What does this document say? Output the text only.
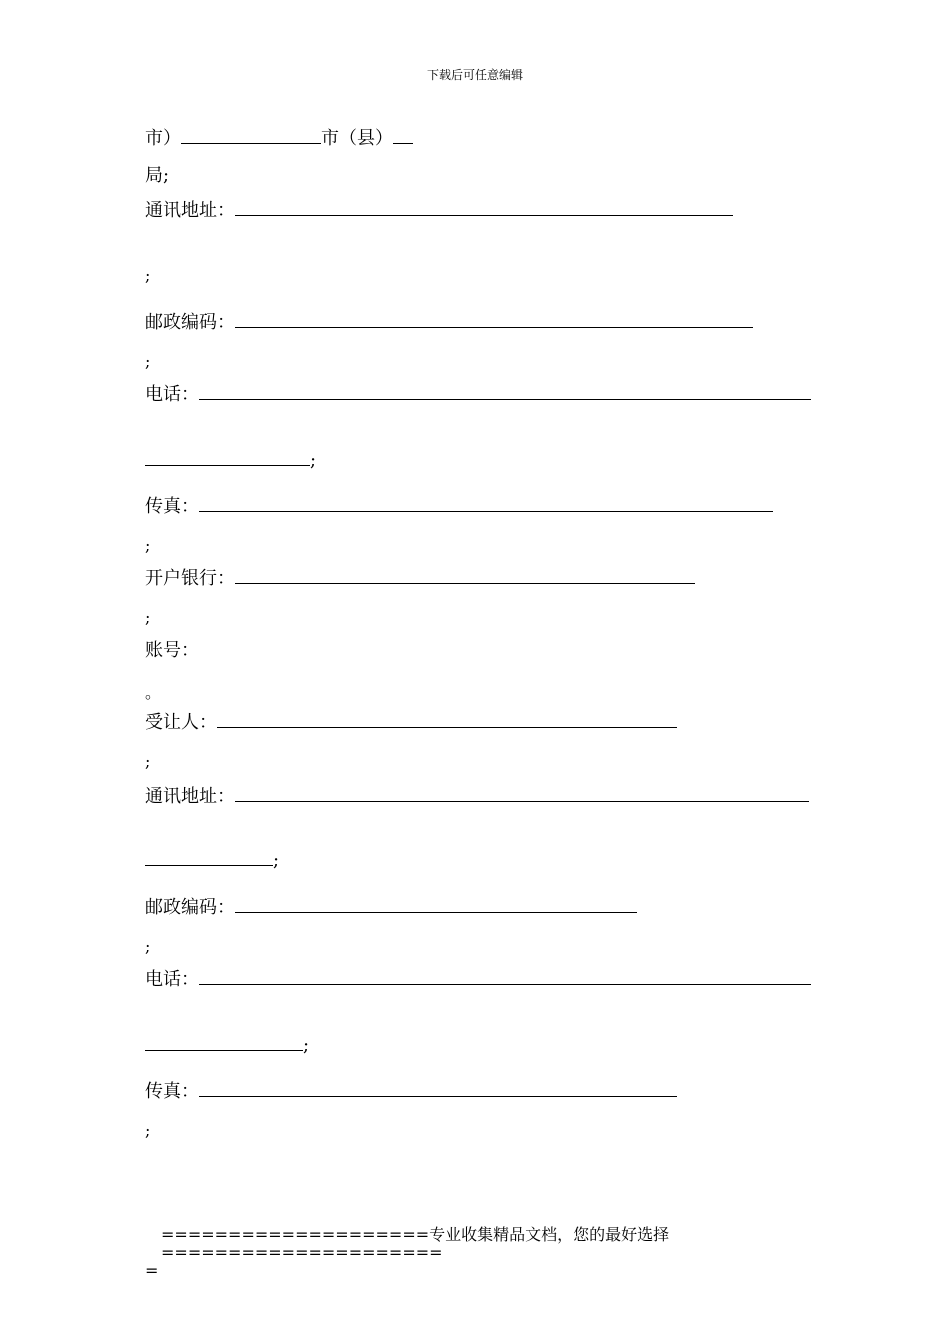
下载后可任意编辑
市）	市（县）
局;
通讯地址：
;
邮政编码：
;
电话：
;
传真：
;
开户银行：
;
账号：
。
受让人：
;
通讯地址：
;
邮政编码：
;
电话：
;
传真：
;
====================专业收集精品文档，您的最好选择=====================
=
